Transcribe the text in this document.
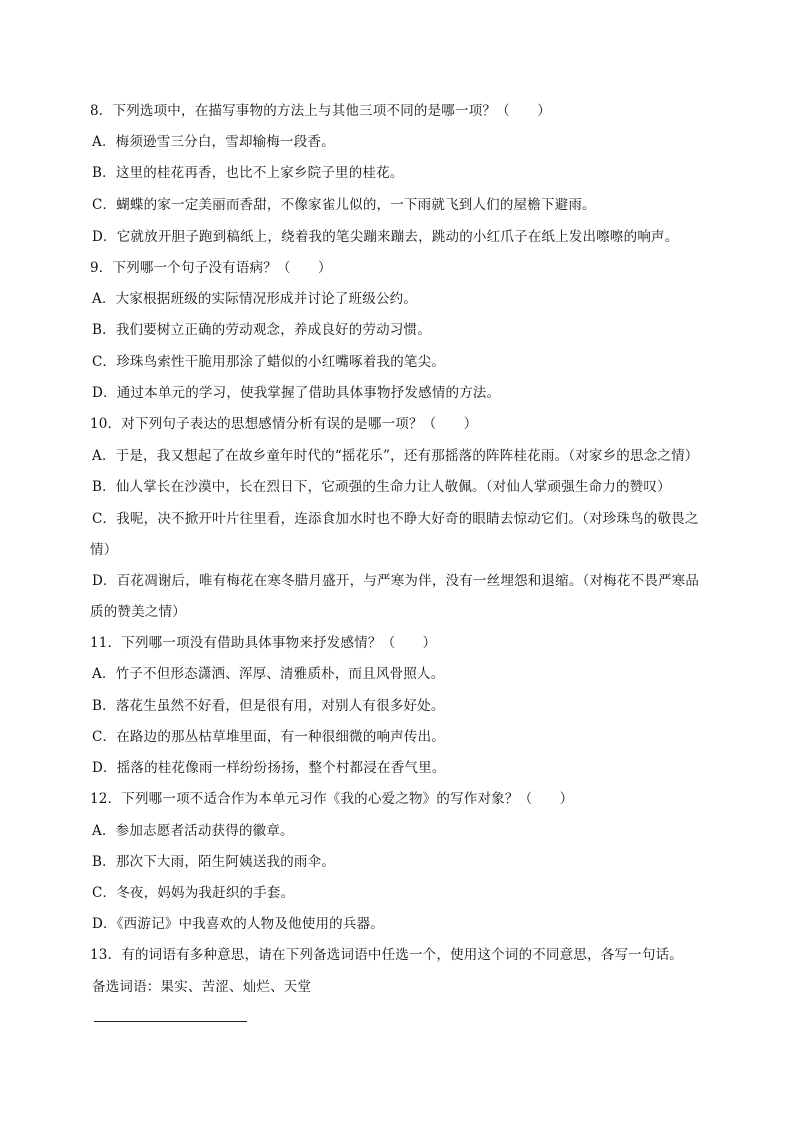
8．下列选项中，在描写事物的方法上与其他三项不同的是哪一项？（　　）
A．梅须逊雪三分白，雪却输梅一段香。
B．这里的桂花再香，也比不上家乡院子里的桂花。
C．蝴蝶的家一定美丽而香甜，不像家雀儿似的，一下雨就飞到人们的屋檐下避雨。
D．它就放开胆子跑到稿纸上，绕着我的笔尖蹦来蹦去，跳动的小红爪子在纸上发出嚓嚓的响声。
9．下列哪一个句子没有语病？（　　）
A．大家根据班级的实际情况形成并讨论了班级公约。
B．我们要树立正确的劳动观念，养成良好的劳动习惯。
C．珍珠鸟索性干脆用那涂了蜡似的小红嘴啄着我的笔尖。
D．通过本单元的学习，使我掌握了借助具体事物抒发感情的方法。
10．对下列句子表达的思想感情分析有误的是哪一项？（　　）
A．于是，我又想起了在故乡童年时代的“摇花乐”，还有那摇落的阵阵桂花雨。（对家乡的思念之情）
B．仙人掌长在沙漠中，长在烈日下，它顽强的生命力让人敬佩。（对仙人掌顽强生命力的赞叹）
C．我呢，决不掀开叶片往里看，连添食加水时也不睁大好奇的眼睛去惊动它们。（对珍珠鸟的敬畏之
情）
D．百花凋谢后，唯有梅花在寒冬腊月盛开，与严寒为伴，没有一丝埋怨和退缩。（对梅花不畏严寒品
质的赞美之情）
11．下列哪一项没有借助具体事物来抒发感情？（　　）
A．竹子不但形态潇洒、浑厚、清雅质朴，而且风骨照人。
B．落花生虽然不好看，但是很有用，对别人有很多好处。
C．在路边的那丛枯草堆里面，有一种很细微的响声传出。
D．摇落的桂花像雨一样纷纷扬扬，整个村都浸在香气里。
12．下列哪一项不适合作为本单元习作《我的心爱之物》的写作对象？（　　）
A．参加志愿者活动获得的徽章。
B．那次下大雨，陌生阿姨送我的雨伞。
C．冬夜，妈妈为我赶织的手套。
D．《西游记》中我喜欢的人物及他使用的兵器。
13．有的词语有多种意思，请在下列备选词语中任选一个，使用这个词的不同意思，各写一句话。
备选词语：果实、苦涩、灿烂、天堂
